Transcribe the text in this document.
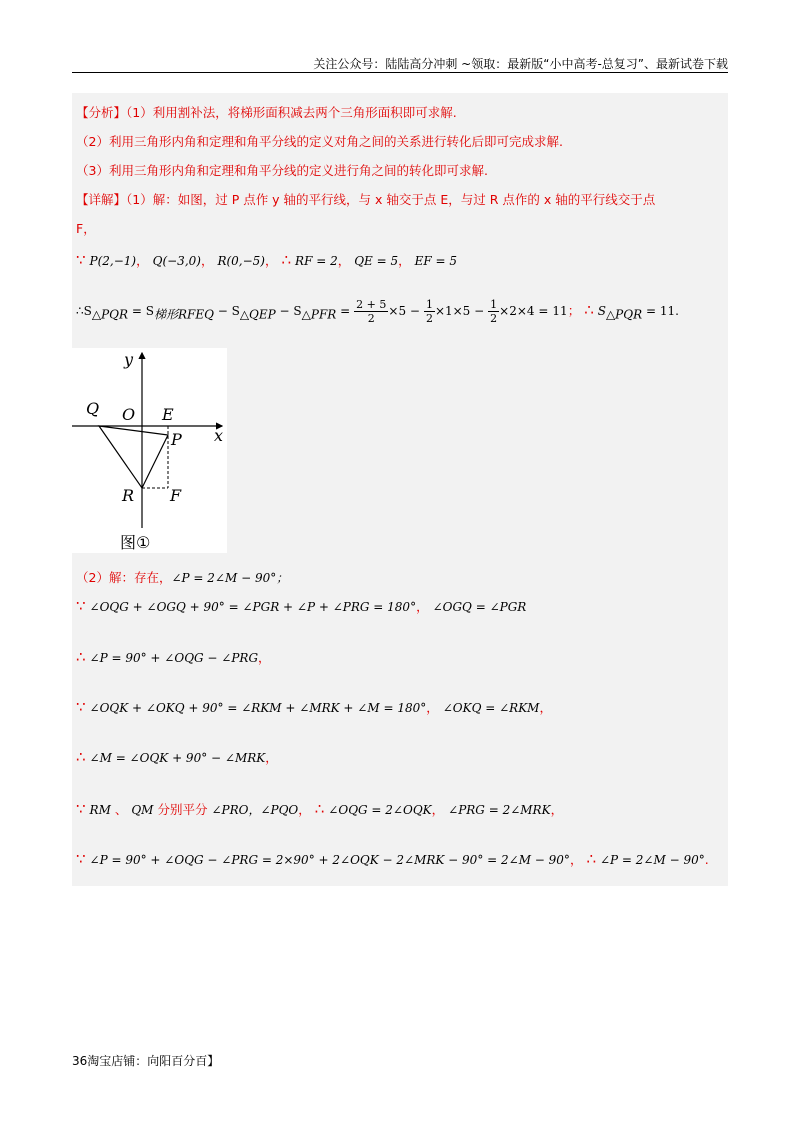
关注公众号：陆陆高分冲刺 ~领取：最新版“小中高考-总复习”、最新试卷下载
【分析】（1）利用割补法，将梯形面积减去两个三角形面积即可求解.
（2）利用三角形内角和定理和角平分线的定义对角之间的关系进行转化后即可完成求解.
（3）利用三角形内角和定理和角平分线的定义进行角之间的转化即可求解.
【详解】（1）解：如图，过 P 点作 y 轴的平行线，与 x 轴交于点 E，与过 R 点作的 x 轴的平行线交于点
F，
∵ P(2,−1)， Q(−3,0)， R(0,−5)， ∴ RF = 2， QE = 5， EF = 5
$\therefore S_{\triangle PQR} = S_{梯形RFEQ} - S_{\triangle QEP} - S_{\triangle PFR} = \frac{2 + 5}{2} \times 5 - \frac{1}{2} \times 1\times 5 - \frac{1}{2} \times 2\times 4 = 11$； ∴ $S_{\triangle PQR} = 11$.
y
x
Q O E
P
R F
图①
（2）解：存在，∠P = 2∠M − 90°；
∵ ∠OQG + ∠OGQ + 90° = ∠PGR + ∠P + ∠PRG = 180°， ∠OGQ = ∠PGR
∴ ∠P = 90° + ∠OQG − ∠PRG，
∵ ∠OQK + ∠OKQ + 90° = ∠RKM + ∠MRK + ∠M = 180°， ∠OKQ = ∠RKM，
∴ ∠M = ∠OQK + 90° − ∠MRK，
∵ RM 、 QM 分别平分 ∠PRO，∠PQO， ∴ ∠OQG = 2∠OQK， ∠PRG = 2∠MRK，
∵ ∠P = 90° + ∠OQG − ∠PRG = 2×90° + 2∠OQK − 2∠MRK − 90° = 2∠M − 90°， ∴ ∠P = 2∠M − 90°.
36淘宝店铺：向阳百分百】
